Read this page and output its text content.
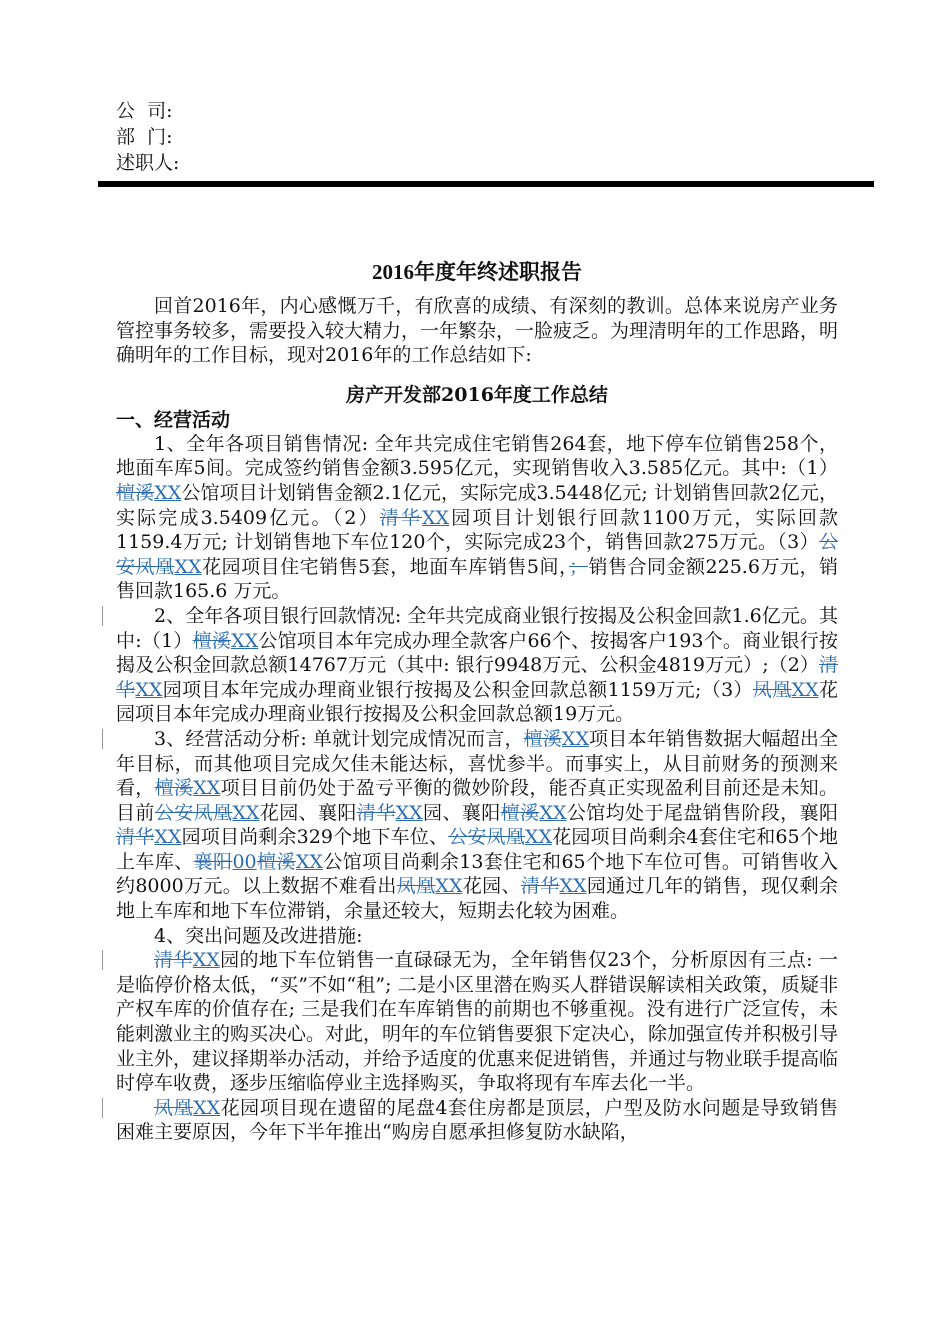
公  司:
部  门:
述职人:
2016年度年终述职报告

回首2016年，内心感慨万千，有欣喜的成绩、有深刻的教训。总体来说房产业务管控事务较多，需要投入较大精力，一年繁杂，一脸疲乏。为理清明年的工作思路，明确明年的工作目标，现对2016年的工作总结如下:

房产开发部2016年度工作总结
一、经营活动

1、全年各项目销售情况: 全年共完成住宅销售264套，地下停车位销售258个，地面车库5间。完成签约销售金额3.595亿元，实现销售收入3.585亿元。其中:（1）檀溪XX公馆项目计划销售金额2.1亿元，实际完成3.5448亿元; 计划销售回款2亿元，实际完成3.5409亿元。（2）清华XX园项目计划银行回款1100万元，实际回款1159.4万元; 计划销售地下车位120个，实际完成23个，销售回款275万元。（3）公安凤凰XX花园项目住宅销售5套，地面车库销售5间，；销售合同金额225.6万元，销售回款165.6 万元。

2、全年各项目银行回款情况: 全年共完成商业银行按揭及公积金回款1.6亿元。其中:（1）檀溪XX公馆项目本年完成办理全款客户66个、按揭客户193个。商业银行按揭及公积金回款总额14767万元（其中: 银行9948万元、公积金4819万元）;（2）清华XX园项目本年完成办理商业银行按揭及公积金回款总额1159万元;（3）凤凰XX花园项目本年完成办理商业银行按揭及公积金回款总额19万元。

3、经营活动分析: 单就计划完成情况而言，檀溪XX项目本年销售数据大幅超出全年目标，而其他项目完成欠佳未能达标，喜忧参半。而事实上，从目前财务的预测来看，檀溪XX项目目前仍处于盈亏平衡的微妙阶段，能否真正实现盈利目前还是未知。目前公安凤凰XX花园、襄阳清华XX园、襄阳檀溪XX公馆均处于尾盘销售阶段，襄阳清华XX园项目尚剩余329个地下车位、公安凤凰XX花园项目尚剩余4套住宅和65个地上车库、襄阳00檀溪XX公馆项目尚剩余13套住宅和65个地下车位可售。可销售收入约8000万元。以上数据不难看出凤凰XX花园、清华XX园通过几年的销售，现仅剩余地上车库和地下车位滞销，余量还较大，短期去化较为困难。

4、突出问题及改进措施:

清华XX园的地下车位销售一直碌碌无为，全年销售仅23个，分析原因有三点: 一是临停价格太低，“买”不如“租”; 二是小区里潜在购买人群错误解读相关政策，质疑非产权车库的价值存在; 三是我们在车库销售的前期也不够重视。没有进行广泛宣传，未能刺激业主的购买决心。对此，明年的车位销售要狠下定决心，除加强宣传并积极引导业主外，建议择期举办活动，并给予适度的优惠来促进销售，并通过与物业联手提高临时停车收费，逐步压缩临停业主选择购买，争取将现有车库去化一半。

凤凰XX花园项目现在遗留的尾盘4套住房都是顶层，户型及防水问题是导致销售困难主要原因，今年下半年推出“购房自愿承担修复防水缺陷，
